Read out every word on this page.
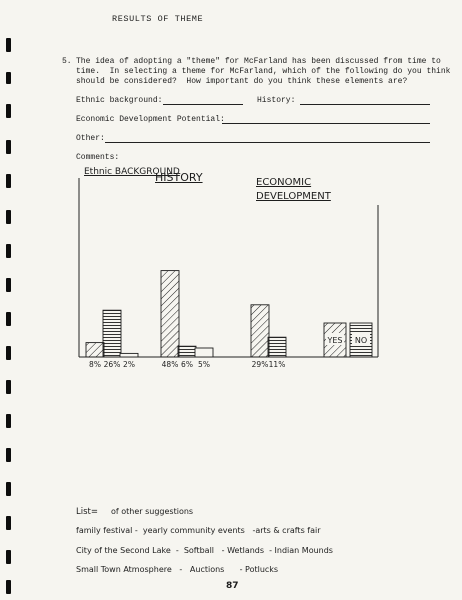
RESULTS OF THEME
5. The idea of adopting a "theme" for McFarland has been discussed from time to
time.  In selecting a theme for McFarland, which of the following do you think
should be considered?  How important do you think these elements are?
Ethnic background:	History:
Economic Development Potential:
Other:
Comments:
8% 26% 2%	48% 6% 5%	29% 11%
YES NO
Ethnic BACKGROUND
HISTORY	ECONOMIC DEVELOPMENT
List= of other suggestions
family festival -  yearly community events   -arts & crafts fair
City of the Second Lake  -  Softball   - Wetlands  - Indian Mounds
Small Town Atmosphere   -   Auctions      - Potlucks
87
